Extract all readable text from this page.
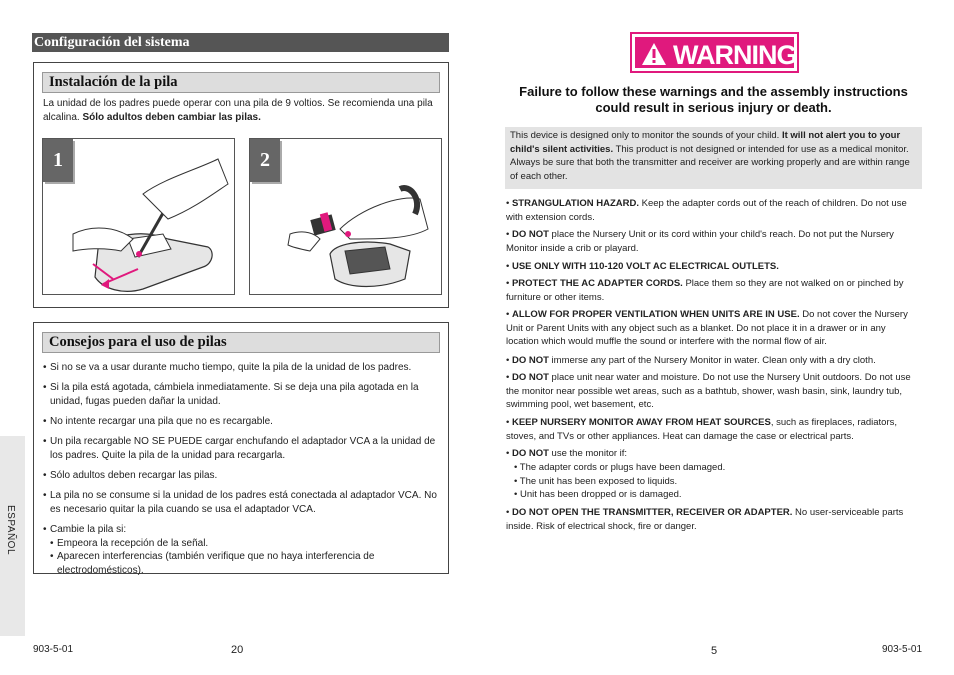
Configuración del sistema
Instalación de la pila
La unidad de los padres puede operar con una pila de 9 voltios. Se recomienda una pila alcalina. Sólo adultos deben cambiar las pilas.
1	2
Consejos para el uso de pilas
• Si no se va a usar durante mucho tiempo, quite la pila de la unidad de los padres.
• Si la pila está agotada, cámbiela inmediatamente. Si se deja una pila agotada en la unidad, fugas pueden dañar la unidad.
• No intente recargar una pila que no es recargable.
• Un pila recargable NO SE PUEDE cargar enchufando el adaptador VCA a la unidad de los padres. Quite la pila de la unidad para recargarla.
• Sólo adultos deben recargar las pilas.
• La pila no se consume si la unidad de los padres está conectada al adaptador VCA. No es necesario quitar la pila cuando se usa el adaptador VCA.
• Cambie la pila si:
• Empeora la recepción de la señal.
• Aparecen interferencias (también verifique que no haya interferencia de electrodomésticos).
ESPAÑOL
903-5-01	20
WARNING
Failure to follow these warnings and the assembly instructions could result in serious injury or death.
This device is designed only to monitor the sounds of your child. It will not alert you to your child's silent activities. This product is not designed or intended for use as a medical monitor. Always be sure that both the transmitter and receiver are working properly and are within range of each other.
• STRANGULATION HAZARD. Keep the adapter cords out of the reach of children. Do not use with extension cords.
• DO NOT place the Nursery Unit or its cord within your child's reach. Do not put the Nursery Monitor inside a crib or playard.
• USE ONLY WITH 110-120 VOLT AC ELECTRICAL OUTLETS.
• PROTECT THE AC ADAPTER CORDS. Place them so they are not walked on or pinched by furniture or other items.
• ALLOW FOR PROPER VENTILATION WHEN UNITS ARE IN USE. Do not cover the Nursery Unit or Parent Units with any object such as a blanket. Do not place it in a drawer or in any location which would muffle the sound or interfere with the normal flow of air.
• DO NOT immerse any part of the Nursery Monitor in water. Clean only with a dry cloth.
• DO NOT place unit near water and moisture. Do not use the Nursery Unit outdoors. Do not use the monitor near possible wet areas, such as a bathtub, shower, wash basin, sink, laundry tub, swimming pool, wet basement, etc.
• KEEP NURSERY MONITOR AWAY FROM HEAT SOURCES, such as fireplaces, radiators, stoves, and TVs or other appliances. Heat can damage the case or electrical parts.
• DO NOT use the monitor if:
• The adapter cords or plugs have been damaged.
• The unit has been exposed to liquids.
• Unit has been dropped or is damaged.
• DO NOT OPEN THE TRANSMITTER, RECEIVER OR ADAPTER. No user-serviceable parts inside. Risk of electrical shock, fire or danger.
5	903-5-01
